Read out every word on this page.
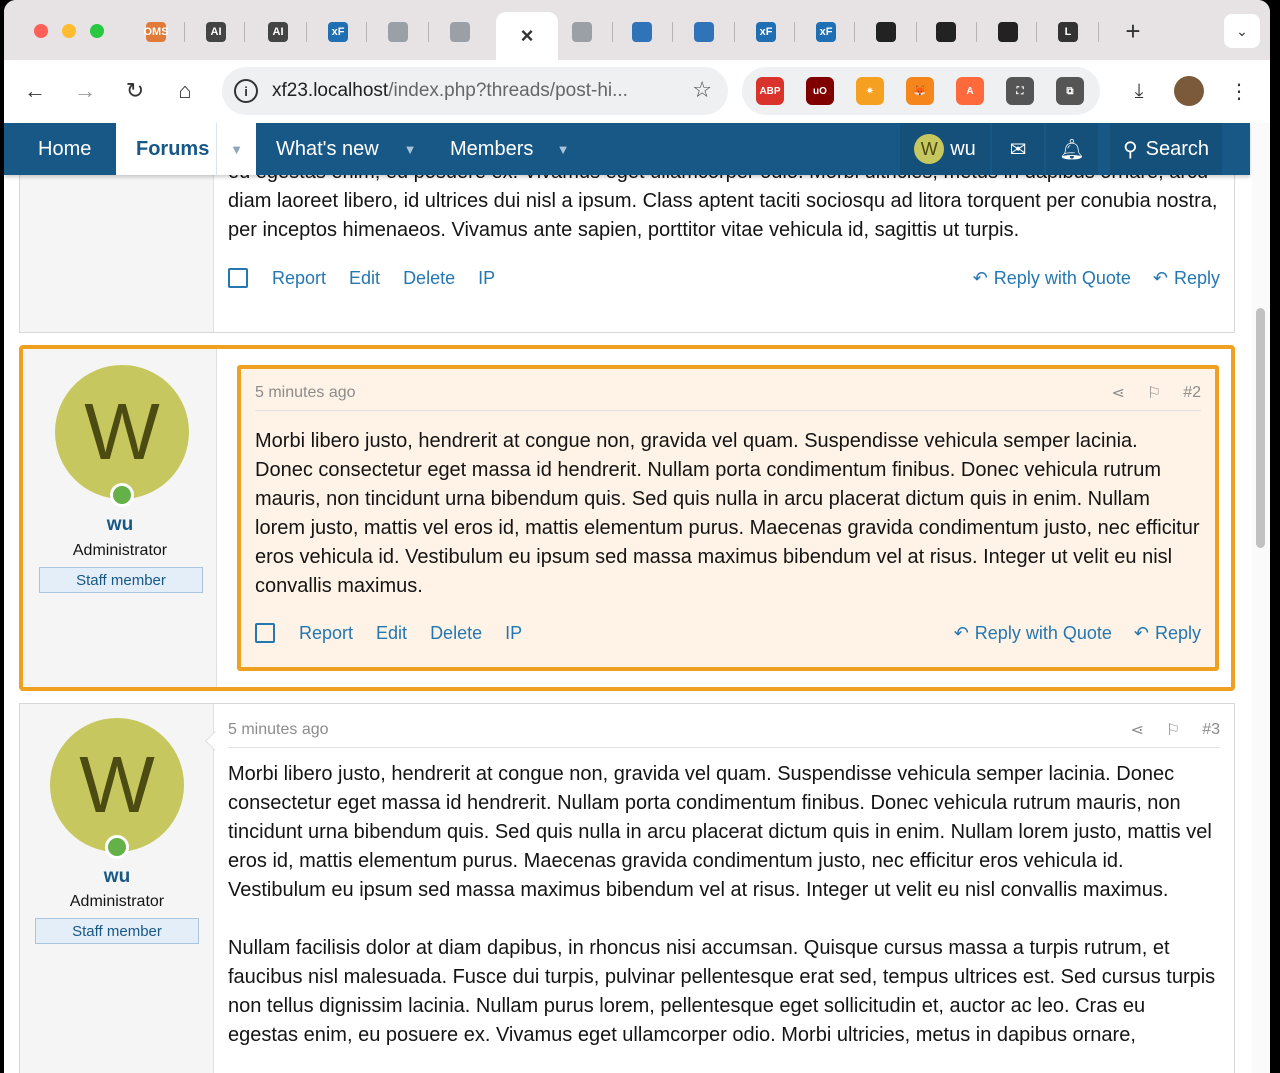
OMS	AI	AI	xF	×	xF	xF	L +	⌄
← → ↻ ⌂	i	xf23.localhost/index.php?threads/post-hi...	☆	ABP	uO	✷	🦊	A	⛶	⧉	⤓	⋮
Home	Forums	▼	What's new	▼	Members	▼	W wu	✉	🔔︎	⚲ Search
diam laoreet libero, id ultrices dui nisl a ipsum. Class aptent taciti sociosqu ad litora torquent per conubia nostra, per inceptos himenaeos. Vivamus ante sapien, porttitor vitae vehicula id, sagittis ut turpis.
Report Edit Delete IP	↶ Reply with Quote ↶ Reply
W
wu
Administrator
Staff member
5 minutes ago	⋖ ⚐ #2
Morbi libero justo, hendrerit at congue non, gravida vel quam. Suspendisse vehicula semper lacinia. Donec consectetur eget massa id hendrerit. Nullam porta condimentum finibus. Donec vehicula rutrum mauris, non tincidunt urna bibendum quis. Sed quis nulla in arcu placerat dictum quis in enim. Nullam lorem justo, mattis vel eros id, mattis elementum purus. Maecenas gravida condimentum justo, nec efficitur eros vehicula id. Vestibulum eu ipsum sed massa maximus bibendum vel at risus. Integer ut velit eu nisl convallis maximus.
Report Edit Delete IP	↶ Reply with Quote ↶ Reply
W
wu
Administrator
Staff member
5 minutes ago	⋖ ⚐ #3

Morbi libero justo, hendrerit at congue non, gravida vel quam. Suspendisse vehicula semper lacinia. Donec consectetur eget massa id hendrerit. Nullam porta condimentum finibus. Donec vehicula rutrum mauris, non tincidunt urna bibendum quis. Sed quis nulla in arcu placerat dictum quis in enim. Nullam lorem justo, mattis vel eros id, mattis elementum purus. Maecenas gravida condimentum justo, nec efficitur eros vehicula id. Vestibulum eu ipsum sed massa maximus bibendum vel at risus. Integer ut velit eu nisl convallis maximus.

Nullam facilisis dolor at diam dapibus, in rhoncus nisi accumsan. Quisque cursus massa a turpis rutrum, et faucibus nisl malesuada. Fusce dui turpis, pulvinar pellentesque erat sed, tempus ultrices est. Sed cursus turpis non tellus dignissim lacinia. Nullam purus lorem, pellentesque eget sollicitudin et, auctor ac leo. Cras eu egestas enim, eu posuere ex. Vivamus eget ullamcorper odio. Morbi ultricies, metus in dapibus ornare,
